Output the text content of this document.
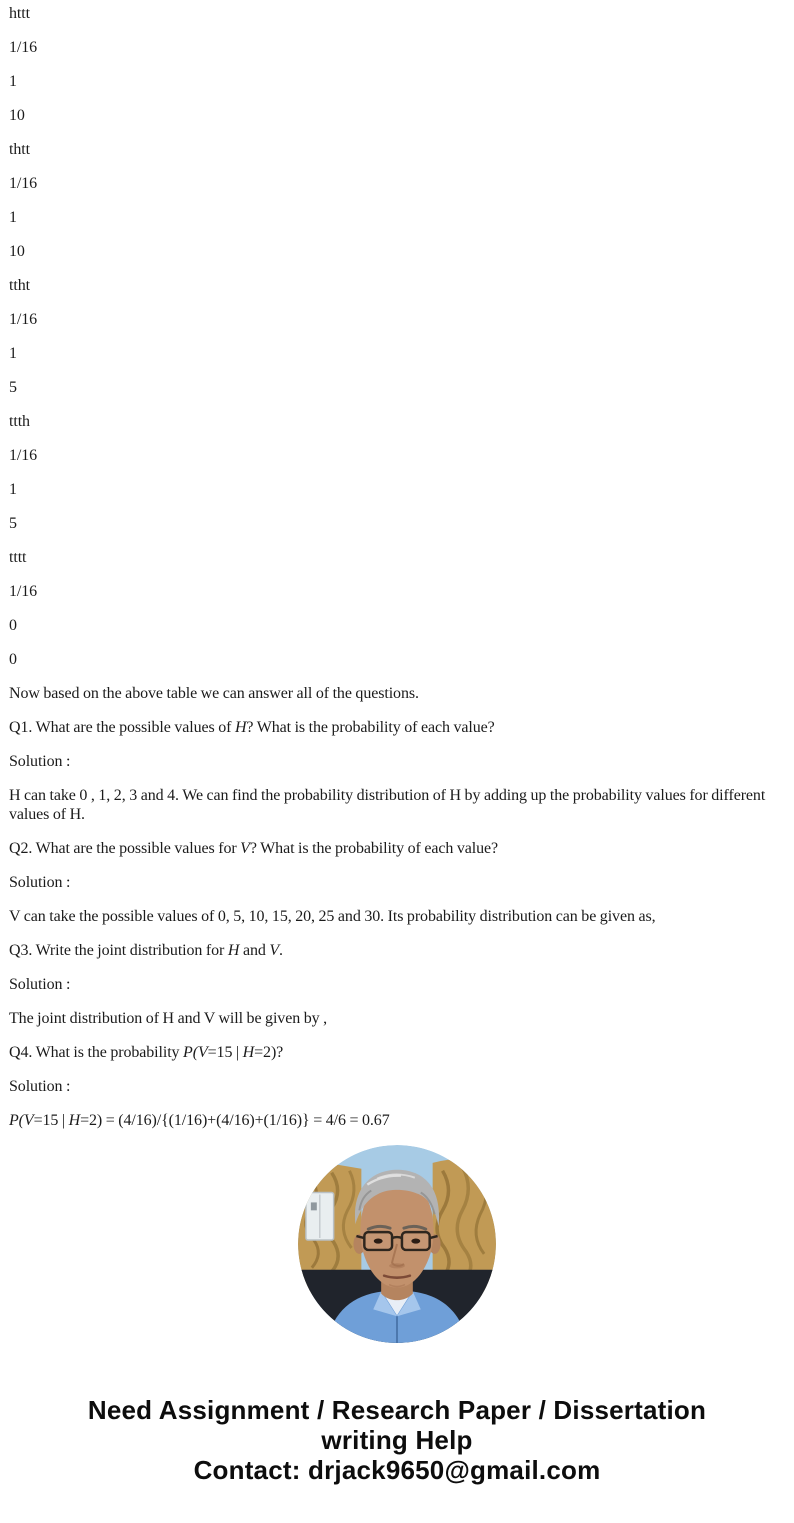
httt

1/16

1

10

thtt

1/16

1

10

ttht

1/16

1

5

ttth

1/16

1

5

tttt

1/16

0

0

Now based on the above table we can answer all of the questions.

Q1. What are the possible values of H? What is the probability of each value?

Solution :

H can take 0 , 1, 2, 3 and 4. We can find the probability distribution of H by adding up the probability values for different
values of H.

Q2. What are the possible values for V? What is the probability of each value?

Solution :

V can take the possible values of 0, 5, 10, 15, 20, 25 and 30. Its probability distribution can be given as,

Q3. Write the joint distribution for H and V.

Solution :

The joint distribution of H and V will be given by ,

Q4. What is the probability P(V=15 | H=2)?

Solution :

P(V=15 | H=2) = (4/16)/{(1/16)+(4/16)+(1/16)} = 4/6 = 0.67

Need Assignment / Research Paper / Dissertation
writing Help
Contact: drjack9650@gmail.com
